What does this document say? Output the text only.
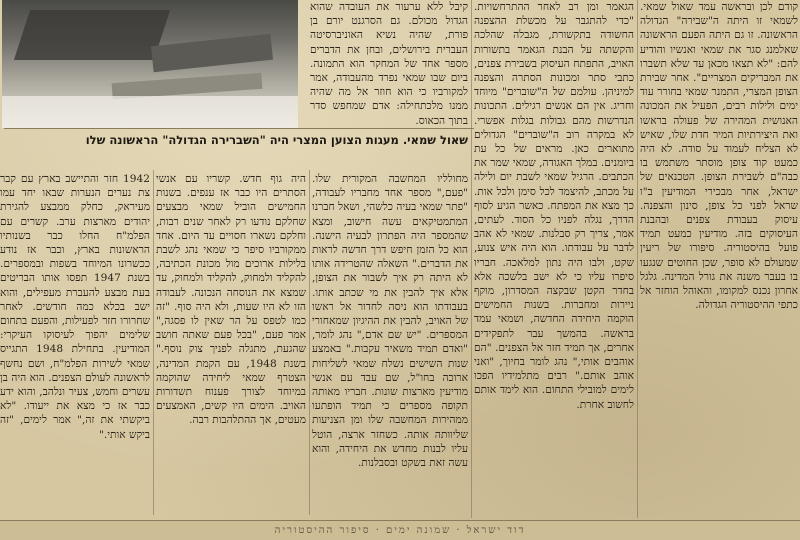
שאול שמאי. מעגות הצוען המצרי היה "השברירה הגדולה" הראשונה שלו

קודם לכן ובראשה עמד שאול שמאי. לשמאי זו היתה ה"שבירה" הגדולה הראשונה. זו גם היתה הפעם הראשונה שאלמנג סגר את שמאי ואנשיו והודיע להם: "לא תצאו מכאן עד שלא תשברו את המבריקים המצריים". אחר שבירת הצופן המצרי, התמנר שמאי בחורר עוד ימים ולילות רבים, הפעיל את המכונה האנושית המהירה של פעולה בראשו ואת היצירתיות המיר חדת שלו, שאיש לא הצליח לעמוד על סודה. לא היה כמעט קוד צופן מוסתר משתמש בו כבה"ם לשבירת הצופן. הטכנאים של ישראל, אחר מבכירי המודיעין ב"ו שראל לפני כל צופן, סינון והצפנה. עיסוק בעבודת צפנים ובהבנת העיסוקים בזה. מודיעין כמעט תמיד פועל בהיסטוריה. סיפורו של ריעין שמעולם לא סופר, שכן החוטים שנגעו בו בעבר משנה את גורל המדינה. גלגל אחרון נכנס למקומו, והאוהל הוחזר אל כתפי ההיסטוריה הגדולה.

הגאמר ומן רב לאחר ההתרחשויות. "כדי להתגבר על מכשלת ההצפנה החשודה בתקשורת, מגבלה שהלכה והקשתה על הבנת הגאמר בתשורות האויב, התפתח העיסוק בשבירת צפנים, כתבי סתר ומכונות הסתרה והצפנה למיניהן. עולמם של ה"שוברים" מיוחד וחריג. אין הם אנשים רגילים. התכונות הנדרשות מהם גבולות בגלות אפשרי. לא במקרה רוב ה"שוברים" הגדולים מתוארים כאן. מראים של כל עת ביומנים. במלך האגודה, שמאי שמר את הכתבים. הרגיל שמאי לשבת יום ולילה על מכתב, להיצמד לכל סימן ולכל אות. כך מצא את המפתח. כאשר הגיע לסוף הדרך, נגלה לפניו כל הסוד. לעתים, אמר, צריך רק סבלנות. שמאי לא אהב לדבר על עבודתו. הוא היה איש צנוע, שקט, ולבו היה נתון למלאכה. חבריו סיפרו עליו כי לא ישב בלשכה אלא בחדר הקטן שבקצה המסדרון, מוקף ניירות ומחברות. בשנות החמישים הוקמה היחידה החדשה, ושמאי עמד בראשה. בהמשך עבר לתפקידים אחרים, אך תמיד חזר אל הצפנים. "הם אוהבים אותי," נהג לומר בחיוך, "ואני אוהב אותם." רבים מתלמידיו הפכו לימים למובילי התחום. הוא לימד אותם לחשוב אחרת.

קיבל ללא ערעור את העובדה שהוא הגדול מכולם. גם הסרגנט יורם בן פורת, שהיה נשיא האוניברסיטה העברית בירושלים, ובחן את הדברים מספר אחד של המחקר הוא התמונה. ביום שבו שמאי נפרד מהעבודה, אמר למקורביו כי הוא חוזר אל מה שהיה ממנו מלכתחילה: אדם שמחפש סדר בתוך הכאוס.

מחולליו המחשבה המקורית שלו. "פעם," מספר אחד מחבריו לעבודה, "פתר שמאי בעיה כלשהי, ושאל חברנו המתמטיקאים עשה חישוב, ומצא שהמספר היה הפתרון לבעיה הישנה. הוא כל הזמן חיפש דרך חדשה לראות את הדברים." השאלה שהטרידה אותו לא היתה רק איך לשבור את הצופן, אלא איך להבין את מי שכתב אותו. בעבודתו הוא ניסה לחדור אל ראשו של האויב, להבין את ההיגיון שמאחורי המספרים. "יש שם אדם," נהג לומר, "ואדם תמיד משאיר עקבות." באמצע שנות השישים נשלח שמאי לשליחות ארוכה בחו"ל, שם עבד עם אנשי מודיעין מארצות שונות. חבריו מאותה תקופה מספרים כי תמיד הופתעו ממהירות המחשבה שלו ומן הצניעות שליוותה אותה. כשחזר ארצה, הוטל עליו לבנות מחדש את היחידה, והוא עשה זאת בשקט ובסבלנות.

היה גוף חדש. קשריו עם אנשי הסתרים היו כבר אז ענפים. בשנות החמישים הוביל שמאי מבצעים שחלקם נודעו רק לאחר שנים רבות, וחלקם נשארו חסויים עד היום. אחד ממקורביו סיפר כי שמאי נהג לשבת בלילות ארוכים מול מכונת הכתיבה, להקליד ולמחוק, להקליד ולמחוק, עד שמצא את הנוסחה הנכונה. לעבודה הזו לא היו שעות, ולא היה סוף. "זה כמו לטפס על הר שאין לו פסגה," אמר פעם, "בכל פעם שאתה חושב שהגעת, מתגלה לפניך צוק נוסף." בשנת 1948, עם הקמת המדינה, הצטרף שמאי ליחידה שהוקמה במיוחד לצורך פענוח תשדורות האויב. הימים היו קשים, האמצעים מעטים, אך ההתלהבות רבה.

1942 חזר והתיישב בארץ עם קבר צת נערים הנערות שבאו יחד עמו מעיראק, כחלק ממבצע להגירת יהודים מארצות ערב. קשרים עם הפלמ"ח החלו כבר בשנותיו הראשונות בארץ, וכבר אז נודע ככשרונו המיוחד בשפות ובמספרים. בשנת 1947 תפסו אותו הבריטים בעת מבצע להעברת מעפילים, והוא ישב בכלא כמה חודשים. לאחר שחרורו חזר לפעילות, והפעם בתחום שלימים יהפוך לעיסוקו העיקרי: המודיעין. בתחילת 1948 התגייס שמאי לשירות הפלמ"ח, ושם נחשף לראשונה לעולם הצפנים. הוא היה בן עשרים וחמש, צעיר ונלהב, והוא ידע כבר אז כי מצא את ייעודו. "לא ביקשתי את זה," אמר לימים, "זה ביקש אותי."

דוד ישראל · שמונה ימים · סיפור ההיסטוריה
